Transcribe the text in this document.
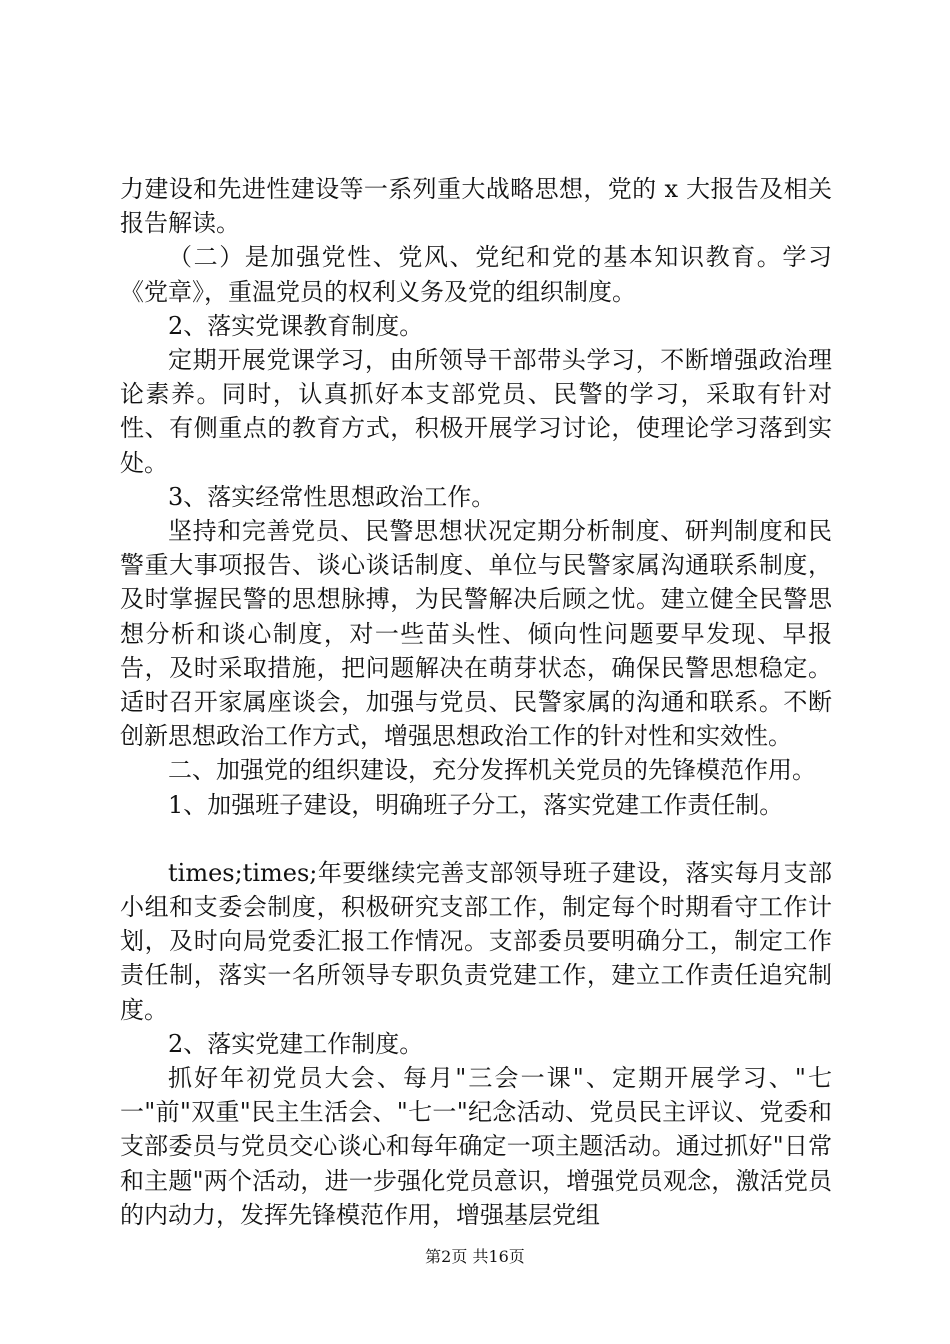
力建设和先进性建设等一系列重大战略思想，党的 x 大报告及相关报告解读。

（二）是加强党性、党风、党纪和党的基本知识教育。学习《党章》，重温党员的权利义务及党的组织制度。

2、落实党课教育制度。

定期开展党课学习，由所领导干部带头学习，不断增强政治理论素养。同时，认真抓好本支部党员、民警的学习，采取有针对性、有侧重点的教育方式，积极开展学习讨论，使理论学习落到实处。

3、落实经常性思想政治工作。

坚持和完善党员、民警思想状况定期分析制度、研判制度和民警重大事项报告、谈心谈话制度、单位与民警家属沟通联系制度，及时掌握民警的思想脉搏，为民警解决后顾之忧。建立健全民警思想分析和谈心制度，对一些苗头性、倾向性问题要早发现、早报告，及时采取措施，把问题解决在萌芽状态，确保民警思想稳定。适时召开家属座谈会，加强与党员、民警家属的沟通和联系。不断创新思想政治工作方式，增强思想政治工作的针对性和实效性。

二、加强党的组织建设，充分发挥机关党员的先锋模范作用。

1、加强班子建设，明确班子分工，落实党建工作责任制。

times;times;年要继续完善支部领导班子建设，落实每月支部小组和支委会制度，积极研究支部工作，制定每个时期看守工作计划，及时向局党委汇报工作情况。支部委员要明确分工，制定工作责任制，落实一名所领导专职负责党建工作，建立工作责任追究制度。

2、落实党建工作制度。

抓好年初党员大会、每月"三会一课"、定期开展学习、"七一"前"双重"民主生活会、"七一"纪念活动、党员民主评议、党委和支部委员与党员交心谈心和每年确定一项主题活动。通过抓好"日常和主题"两个活动，进一步强化党员意识，增强党员观念，激活党员的内动力，发挥先锋模范作用，增强基层党组

第2页 共16页
